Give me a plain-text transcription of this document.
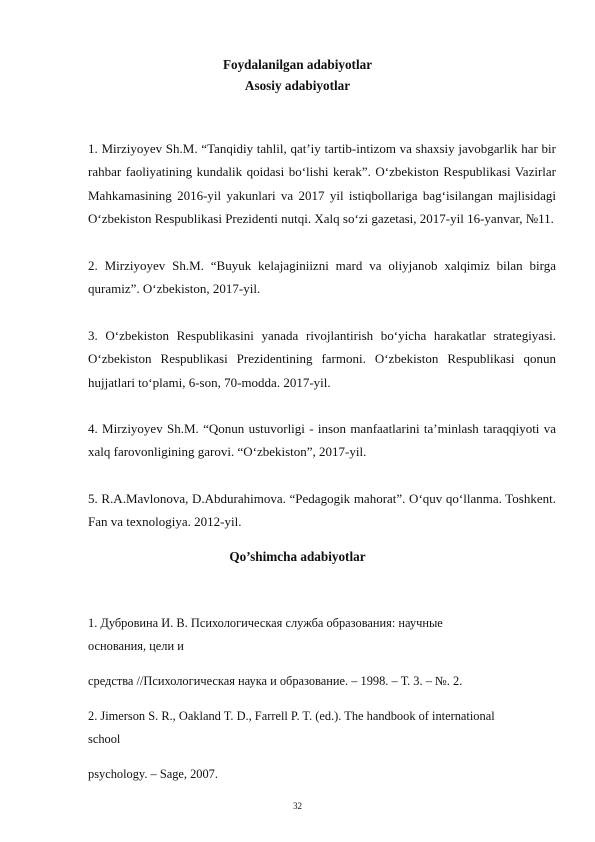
Foydalanilgan adabiyotlar
Asosiy adabiyotlar
1. Mirziyoyev Sh.M. “Tanqidiy tahlil, qat’iy tartib-intizom va shaxsiy javobgarlik har bir rahbar faoliyatining kundalik qoidasi bo‘lishi kerak”. O‘zbekiston Respublikasi Vazirlar Mahkamasining 2016-yil yakunlari va 2017 yil istiqbollariga bag‘isilangan majlisidagi O‘zbekiston Respublikasi Prezidenti nutqi. Xalq so‘zi gazetasi, 2017-yil 16-yanvar, №11.
2. Mirziyoyev Sh.M. “Buyuk kelajaginiizni mard va oliyjanob xalqimiz bilan birga quramiz”. O‘zbekiston, 2017-yil.
3. O‘zbekiston Respublikasini yanada rivojlantirish bo‘yicha harakatlar strategiyasi. O‘zbekiston Respublikasi Prezidentining farmoni. O‘zbekiston Respublikasi qonun hujjatlari to‘plami, 6-son, 70-modda. 2017-yil.
4. Mirziyoyev Sh.M. “Qonun ustuvorligi - inson manfaatlarini ta’minlash taraqqiyoti va xalq farovonligining garovi. “O‘zbekiston”, 2017-yil.
5. R.A.Mavlonova, D.Abdurahimova. “Pedagogik mahorat”. O‘quv qo‘llanma. Toshkent. Fan va texnologiya. 2012-yil.
Qo’shimcha adabiyotlar
1. Дубровина И. В. Психологическая служба образования: научные
основания, цели и
средства //Психологическая наука и образование. – 1998. – Т. 3. – №. 2.
2. Jimerson S. R., Oakland T. D., Farrell P. T. (ed.). The handbook of international
school
psychology. – Sage, 2007.
32
